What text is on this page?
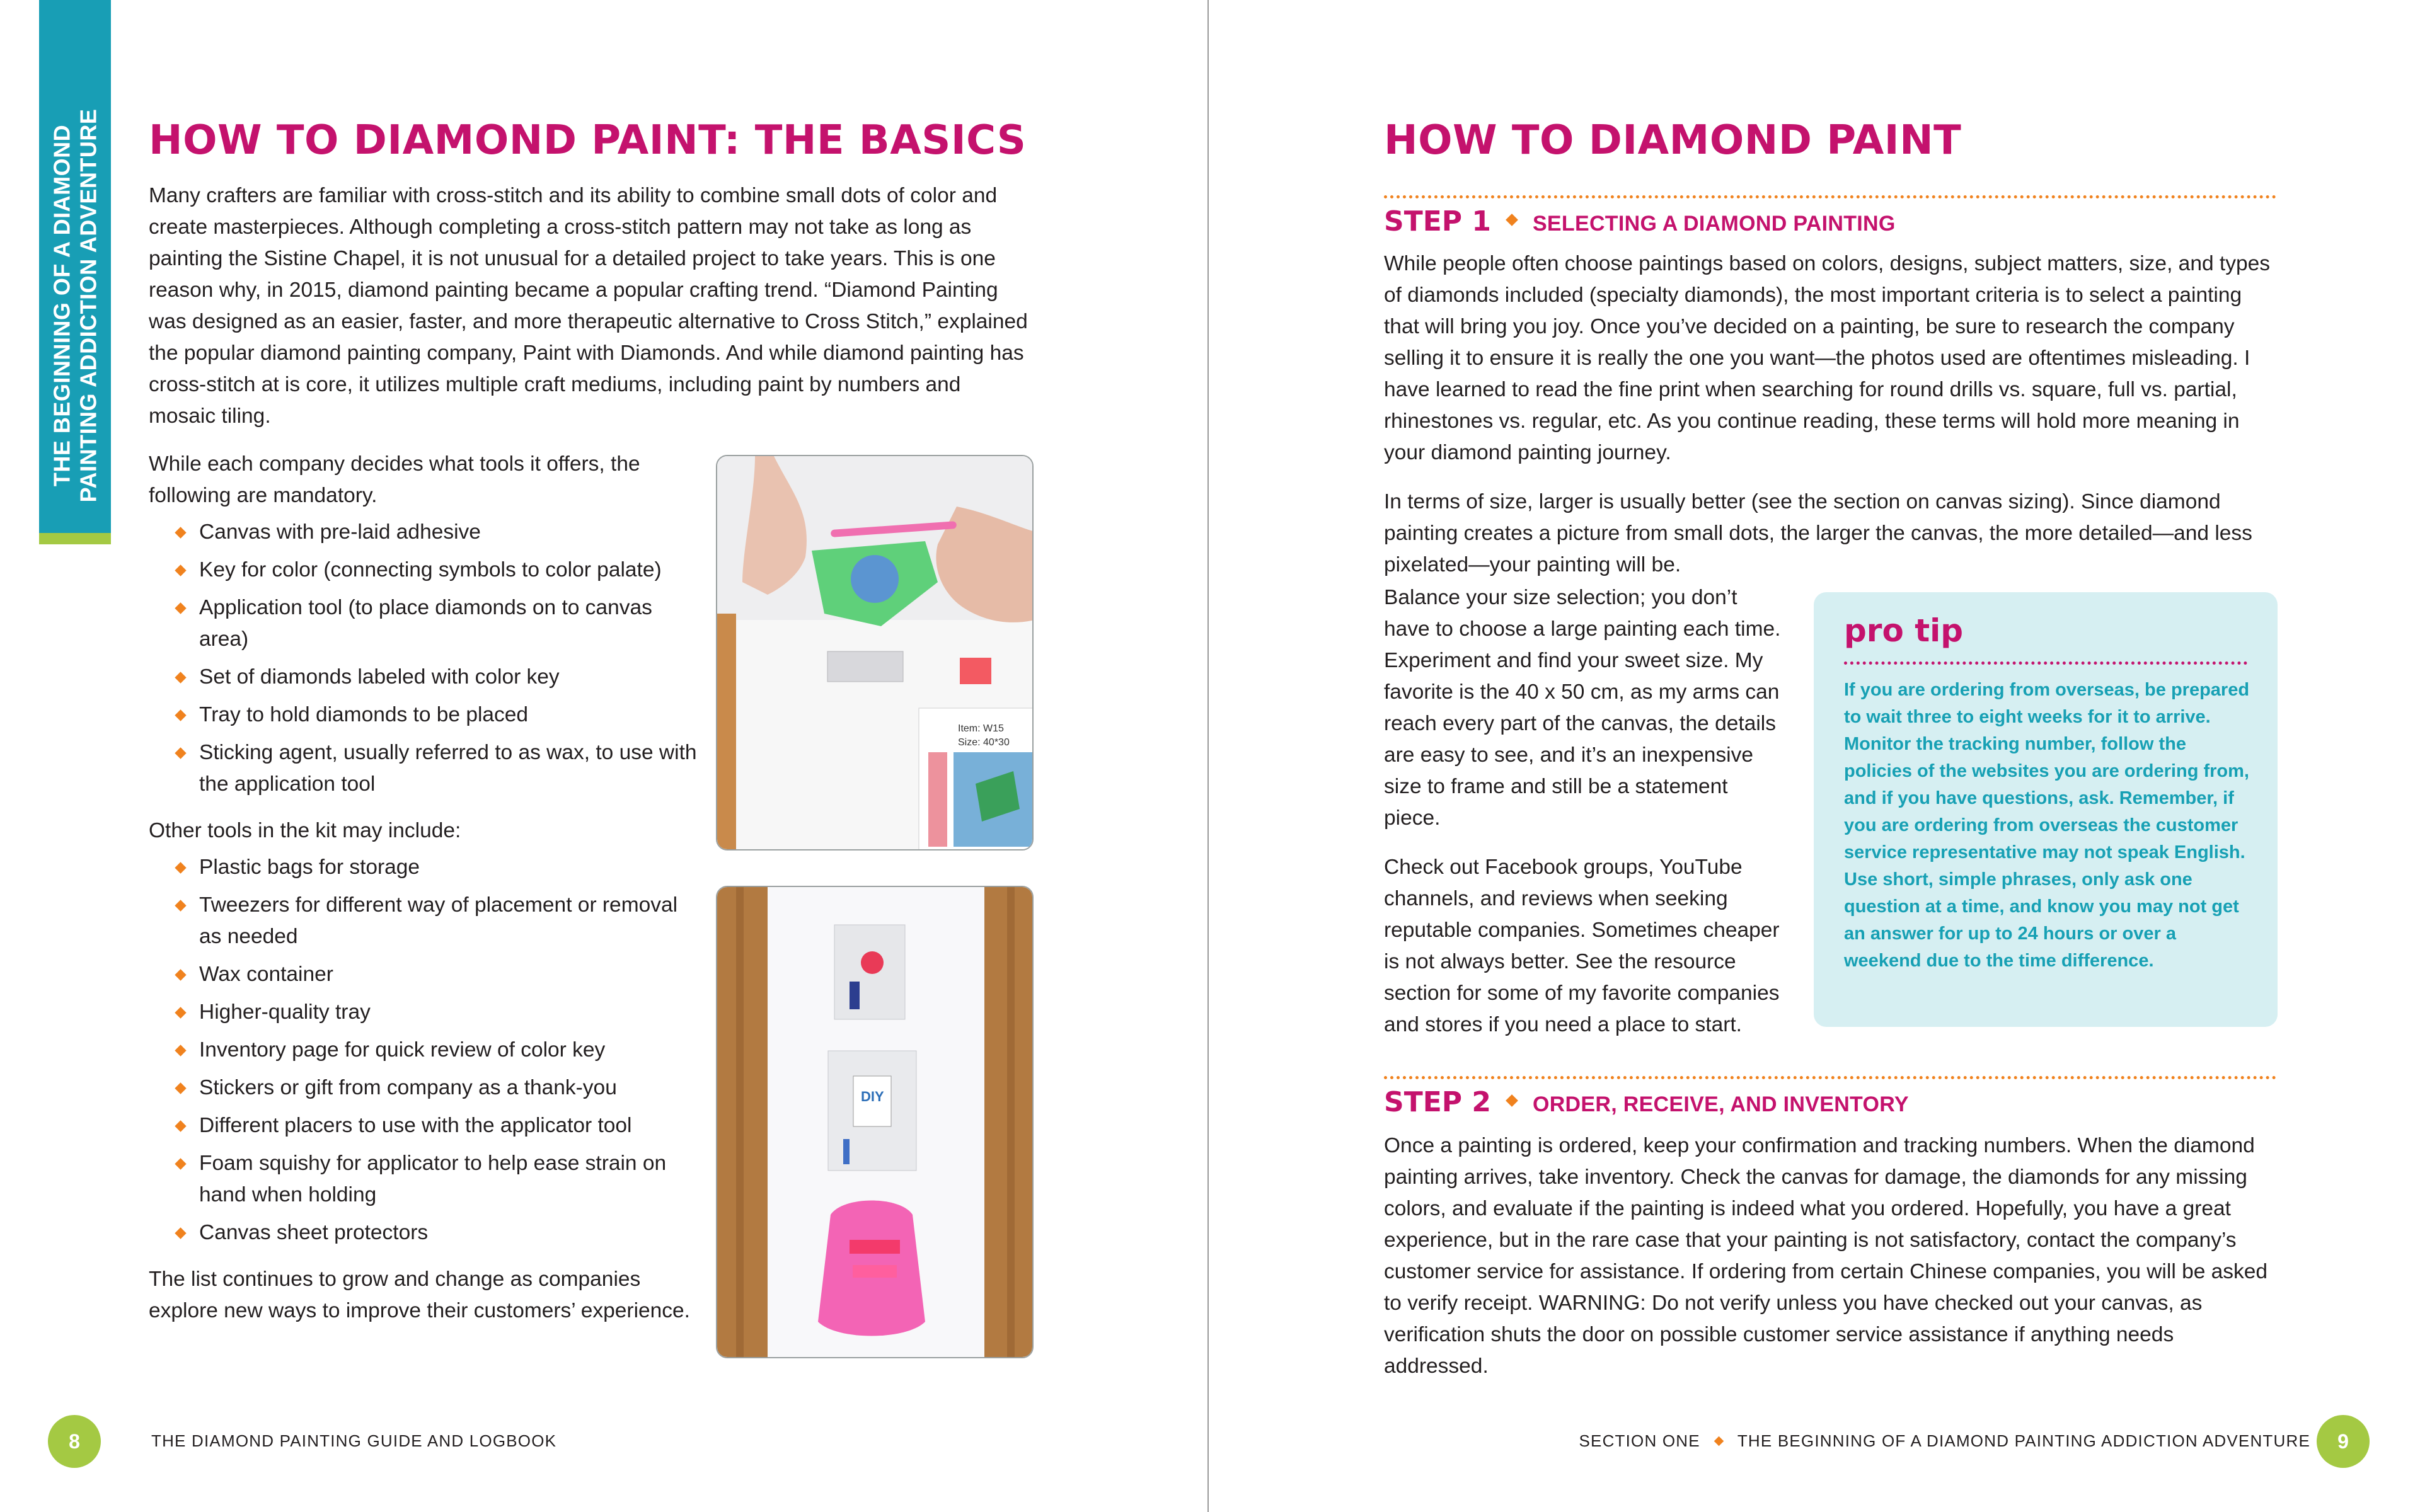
THE BEGINNING OF A DIAMOND PAINTING ADDICTION ADVENTURE HOW TO DIAMOND PAINT: THE BASICS

Many crafters are familiar with cross-stitch and its ability to combine small dots of color and create masterpieces. Although completing a cross-stitch pattern may not take as long as painting the Sistine Chapel, it is not unusual for a detailed project to take years. This is one reason why, in 2015, diamond painting became a popular crafting trend. “Diamond Painting was designed as an easier, faster, and more therapeutic alternative to Cross Stitch,” explained the popular diamond painting company, Paint with Diamonds. And while diamond painting has cross-stitch at is core, it utilizes multiple craft mediums, including paint by numbers and mosaic tiling.

While each company decides what tools it offers, the following are mandatory.

Canvas with pre-laid adhesive
Key for color (connecting symbols to color palate)
Application tool (to place diamonds on to canvas area)
Set of diamonds labeled with color key
Tray to hold diamonds to be placed
Sticking agent, usually referred to as wax, to use with the application tool

Other tools in the kit may include:

Plastic bags for storage
Tweezers for different way of placement or removal as needed
Wax container
Higher-quality tray
Inventory page for quick review of color key
Stickers or gift from company as a thank-you
Different placers to use with the applicator tool
Foam squishy for applicator to help ease strain on hand when holding
Canvas sheet protectors

The list continues to grow and change as companies explore new ways to improve their customers’ experience.

Item: W15
Size: 40*30
DIY
8	THE DIAMOND PAINTING GUIDE AND LOGBOOK
HOW TO DIAMOND PAINT
STEP 1 SELECTING A DIAMOND PAINTING

While people often choose paintings based on colors, designs, subject matters, size, and types of diamonds included (specialty diamonds), the most important criteria is to select a painting that will bring you joy. Once you’ve decided on a painting, be sure to research the company selling it to ensure it is really the one you want—the photos used are oftentimes misleading. I have learned to read the fine print when searching for round drills vs. square, full vs. partial, rhinestones vs. regular, etc. As you continue reading, these terms will hold more meaning in your diamond painting journey.

In terms of size, larger is usually better (see the section on canvas sizing). Since diamond painting creates a picture from small dots, the larger the canvas, the more detailed—and less pixelated—your painting will be.

Balance your size selection; you don’t have to choose a large painting each time. Experiment and find your sweet size. My favorite is the 40 x 50 cm, as my arms can reach every part of the canvas, the details are easy to see, and it’s an inexpensive size to frame and still be a statement piece.

Check out Facebook groups, YouTube channels, and reviews when seeking reputable companies. Sometimes cheaper is not always better. See the resource section for some of my favorite companies and stores if you need a place to start.

pro tip
If you are ordering from overseas, be prepared to wait three to eight weeks for it to arrive. Monitor the tracking number, follow the policies of the websites you are ordering from, and if you have questions, ask. Remember, if you are ordering from overseas the customer service representative may not speak English. Use short, simple phrases, only ask one question at a time, and know you may not get an answer for up to 24 hours or over a weekend due to the time difference.
STEP 2 ORDER, RECEIVE, AND INVENTORY

Once a painting is ordered, keep your confirmation and tracking numbers. When the diamond painting arrives, take inventory. Check the canvas for damage, the diamonds for any missing colors, and evaluate if the painting is indeed what you ordered. Hopefully, you have a great experience, but in the rare case that your painting is not satisfactory, contact the company’s customer service for assistance. If ordering from certain Chinese companies, you will be asked to verify receipt. WARNING: Do not verify unless you have checked out your canvas, as verification shuts the door on possible customer service assistance if anything needs addressed.

SECTION ONE THE BEGINNING OF A DIAMOND PAINTING ADDICTION ADVENTURE	9
